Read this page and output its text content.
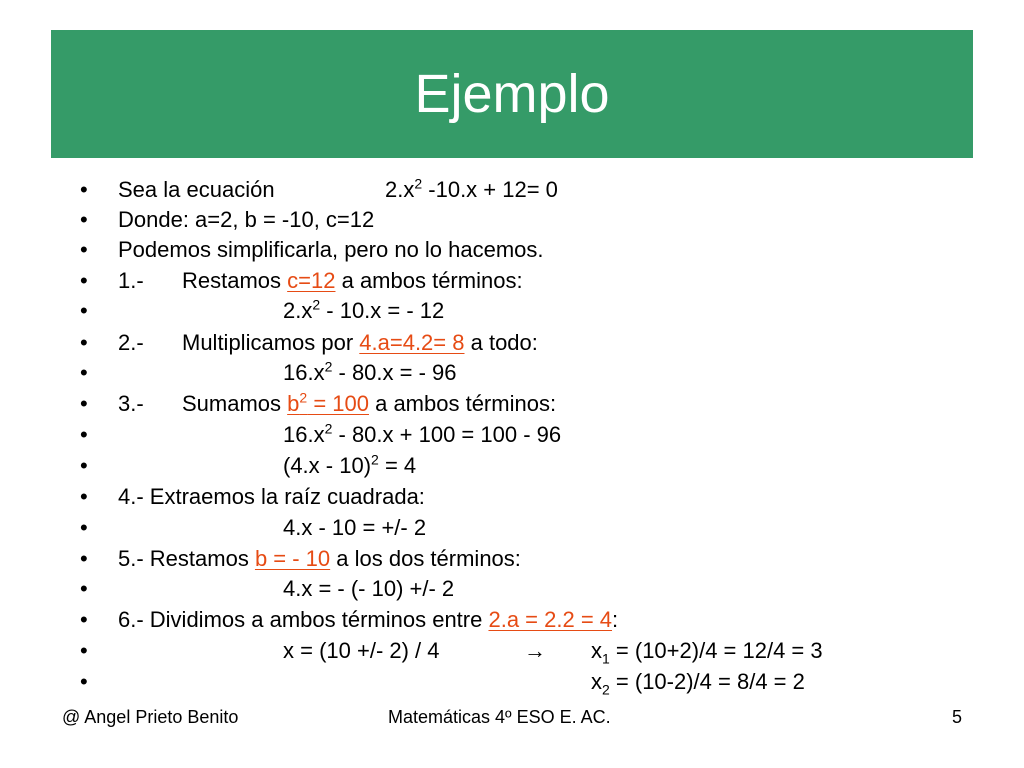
Ejemplo
• Sea la ecuación	$2.x^2$ -10.x + 12= 0
• Donde: a=2, b = -10, c=12
• Podemos simplificarla, pero no lo hacemos.
• 1.- Restamos c=12 a ambos términos:
•	$2.x^2 - 10.x$ = - 12
• 2.- Multiplicamos por 4.a=4.2= 8 a todo:
•	$16.x^2 - 80.x$ = - 96
• 3.- Sumamos $b^2 = 100$ a ambos términos:
•	$16.x^2 - 80.x + 100 = 100 - 96$
•	(4.x - 10)$^2$ = 4
• 4.- Extraemos la raíz cuadrada:
•	4.x - 10 = +/- 2
• 5.- Restamos b = - 10 a los dos términos:
•	4.x = - (- 10) +/- 2
• 6.- Dividimos a ambos términos entre 2.a = 2.2 = 4:
•	x = (10 +/- 2) / 4	→ $x_1 = (10+2)/4 = 12/4 = 3$
•	$x_2 = (10-2)/4 = 8/4 = 2$
@ Angel Prieto Benito	Matemáticas 4º ESO E. AC.	5
